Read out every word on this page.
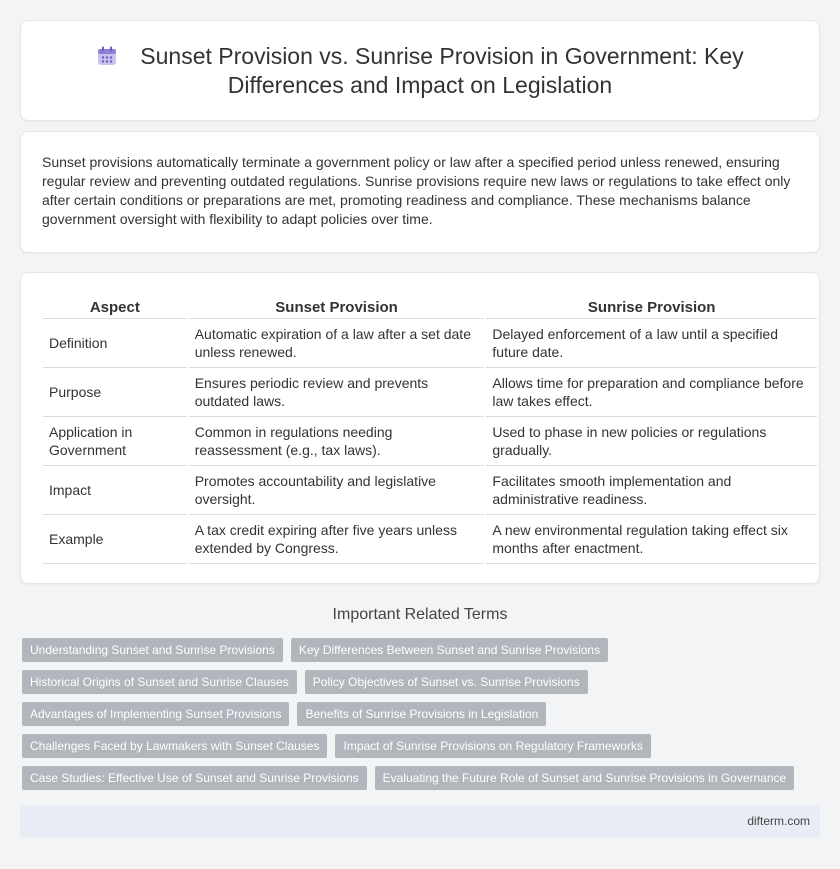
Sunset Provision vs. Sunrise Provision in Government: Key Differences and Impact on Legislation

Sunset provisions automatically terminate a government policy or law after a specified period unless renewed, ensuring regular review and preventing outdated regulations. Sunrise provisions require new laws or regulations to take effect only after certain conditions or preparations are met, promoting readiness and compliance. These mechanisms balance government oversight with flexibility to adapt policies over time.

Aspect	Sunset Provision	Sunrise Provision
Definition	Automatic expiration of a law after a set date unless renewed.	Delayed enforcement of a law until a specified future date.
Purpose	Ensures periodic review and prevents outdated laws.	Allows time for preparation and compliance before law takes effect.
Application in Government	Common in regulations needing reassessment (e.g., tax laws).	Used to phase in new policies or regulations gradually.
Impact	Promotes accountability and legislative oversight.	Facilitates smooth implementation and administrative readiness.
Example	A tax credit expiring after five years unless extended by Congress.	A new environmental regulation taking effect six months after enactment.
Important Related Terms
Understanding Sunset and Sunrise Provisions	Key Differences Between Sunset and Sunrise Provisions
Historical Origins of Sunset and Sunrise Clauses	Policy Objectives of Sunset vs. Sunrise Provisions
Advantages of Implementing Sunset Provisions	Benefits of Sunrise Provisions in Legislation
Challenges Faced by Lawmakers with Sunset Clauses	Impact of Sunrise Provisions on Regulatory Frameworks
Case Studies: Effective Use of Sunset and Sunrise Provisions	Evaluating the Future Role of Sunset and Sunrise Provisions in Governance
difterm.com
